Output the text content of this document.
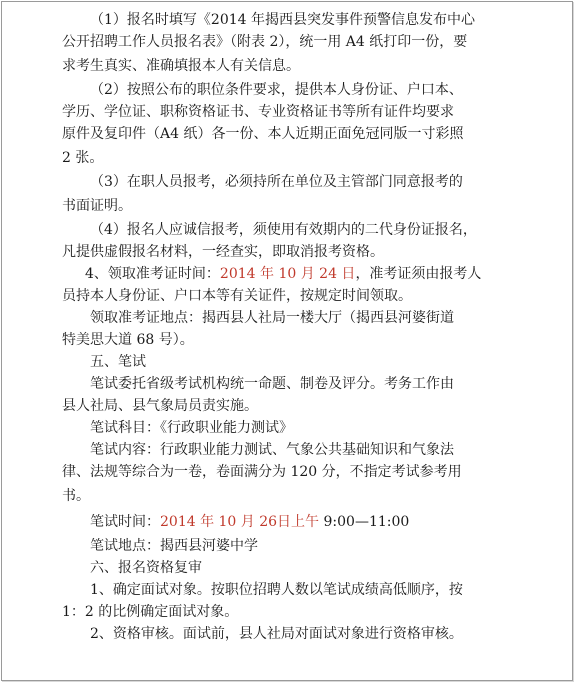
（1）报名时填写《2014 年揭西县突发事件预警信息发布中心
公开招聘工作人员报名表》（附表 2），统一用 A4 纸打印一份，要
求考生真实、准确填报本人有关信息。
（2）按照公布的职位条件要求，提供本人身份证、户口本、
学历、学位证、职称资格证书、专业资格证书等所有证件均要求
原件及复印件（A4 纸）各一份、本人近期正面免冠同版一寸彩照
2 张。
（3）在职人员报考，必须持所在单位及主管部门同意报考的
书面证明。
（4）报名人应诚信报考，须使用有效期内的二代身份证报名，
凡提供虚假报名材料，一经查实，即取消报考资格。
4、领取准考证时间：2014 年 10 月 24 日，准考证须由报考人
员持本人身份证、户口本等有关证件，按规定时间领取。
领取准考证地点：揭西县人社局一楼大厅（揭西县河婆街道
特美思大道 68 号）。
五、笔试
笔试委托省级考试机构统一命题、制卷及评分。考务工作由
县人社局、县气象局员责实施。
笔试科目：《行政职业能力测试》
笔试内容：行政职业能力测试、气象公共基础知识和气象法
律、法规等综合为一卷，卷面满分为 120 分，不指定考试参考用
书。
笔试时间：2014 年 10 月 26日上午 9:00—11:00
笔试地点：揭西县河婆中学
六、报名资格复审
1、确定面试对象。按职位招聘人数以笔试成绩高低顺序，按
1：2 的比例确定面试对象。
2、资格审核。面试前，县人社局对面试对象进行资格审核。
